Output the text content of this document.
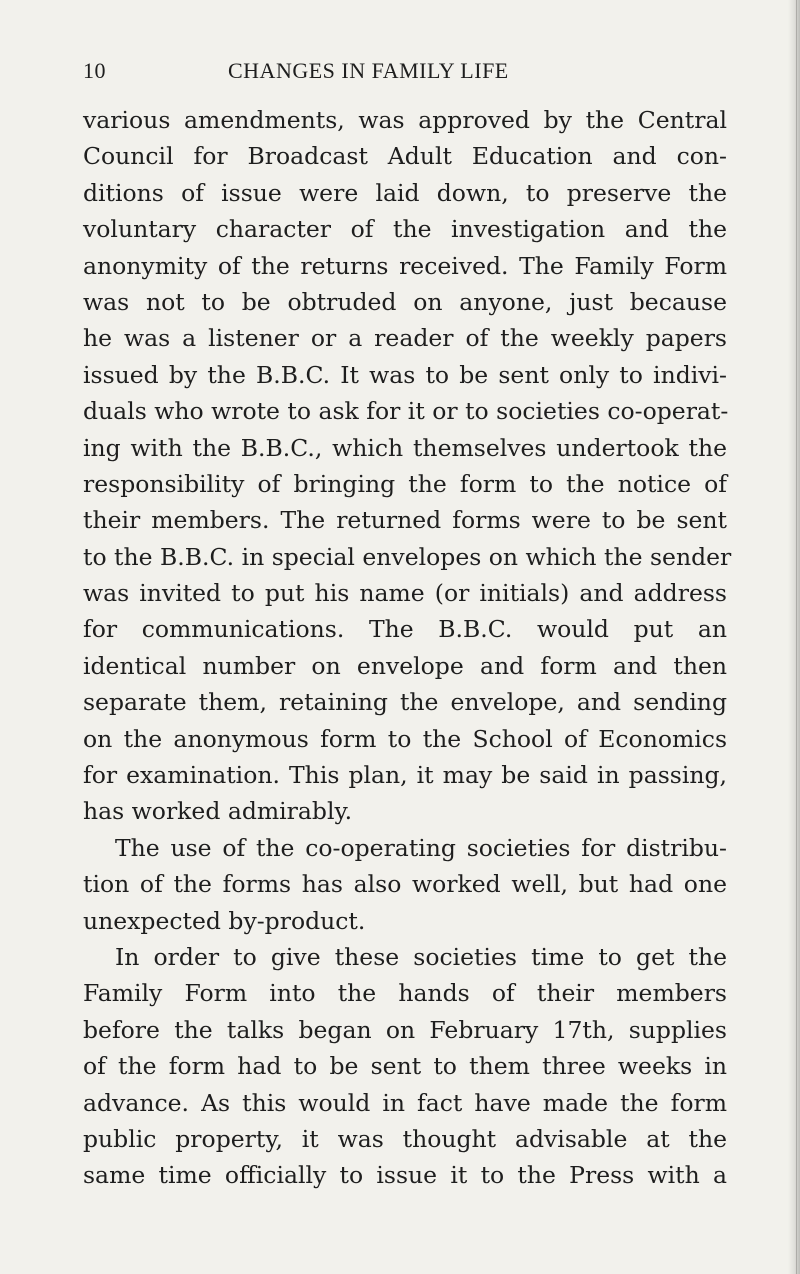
10	CHANGES IN FAMILY LIFE
various amendments, was approved by the Central
Council for Broadcast Adult Education and con-
ditions of issue were laid down, to preserve the
voluntary character of the investigation and the
anonymity of the returns received. The Family Form
was not to be obtruded on anyone, just because
he was a listener or a reader of the weekly papers
issued by the B.B.C. It was to be sent only to indivi-
duals who wrote to ask for it or to societies co-operat-
ing with the B.B.C., which themselves undertook the
responsibility of bringing the form to the notice of
their members. The returned forms were to be sent
to the B.B.C. in special envelopes on which the sender
was invited to put his name (or initials) and address
for communications. The B.B.C. would put an
identical number on envelope and form and then
separate them, retaining the envelope, and sending
on the anonymous form to the School of Economics
for examination. This plan, it may be said in passing,
has worked admirably.
The use of the co-operating societies for distribu-
tion of the forms has also worked well, but had one
unexpected by-product.
In order to give these societies time to get the
Family Form into the hands of their members
before the talks began on February 17th, supplies
of the form had to be sent to them three weeks in
advance. As this would in fact have made the form
public property, it was thought advisable at the
same time officially to issue it to the Press with a
